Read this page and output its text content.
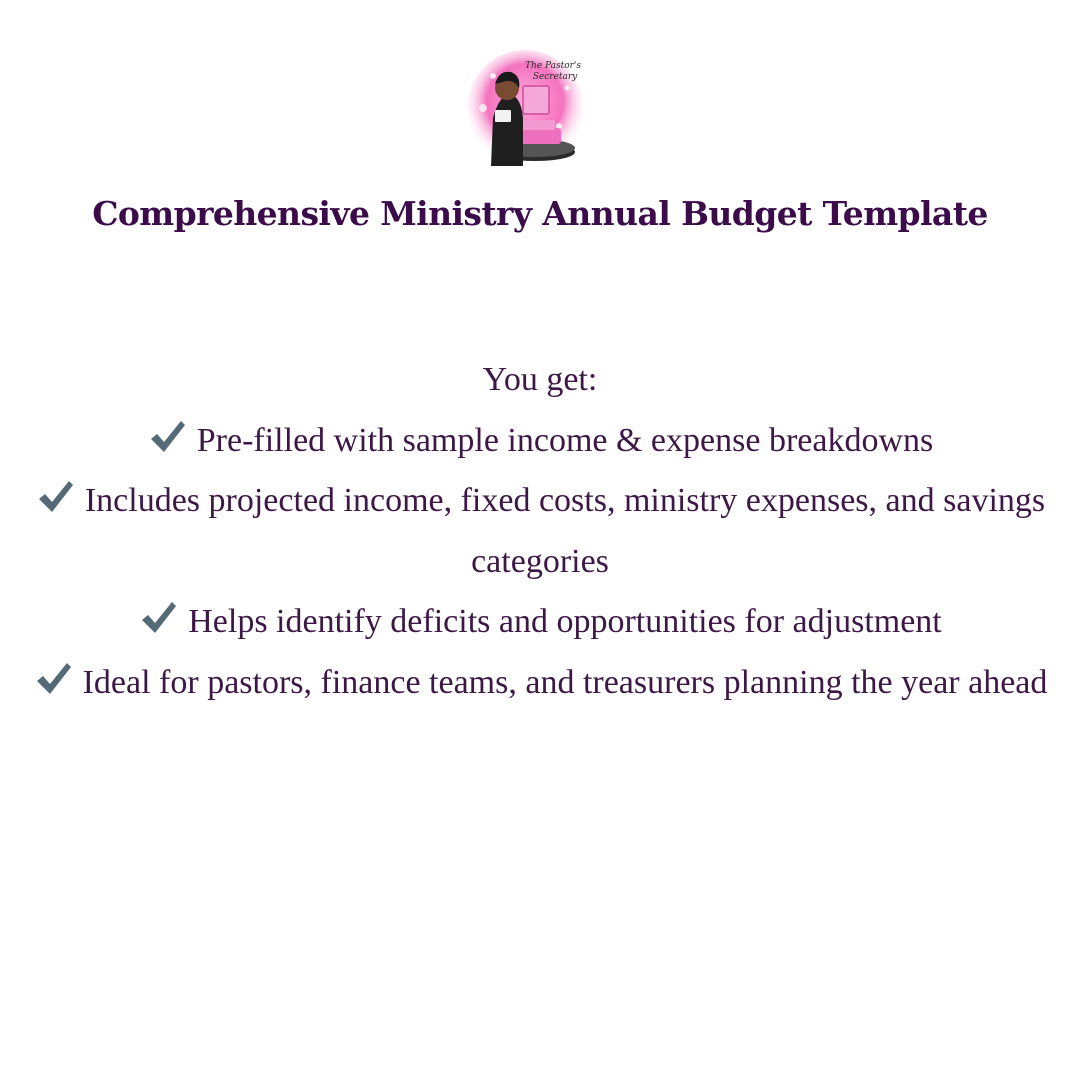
The Pastor's
Secretary
Comprehensive Ministry Annual Budget Template
You get:
Pre-filled with sample income & expense breakdowns
Includes projected income, fixed costs, ministry expenses, and savings categories
Helps identify deficits and opportunities for adjustment
Ideal for pastors, finance teams, and treasurers planning the year ahead
